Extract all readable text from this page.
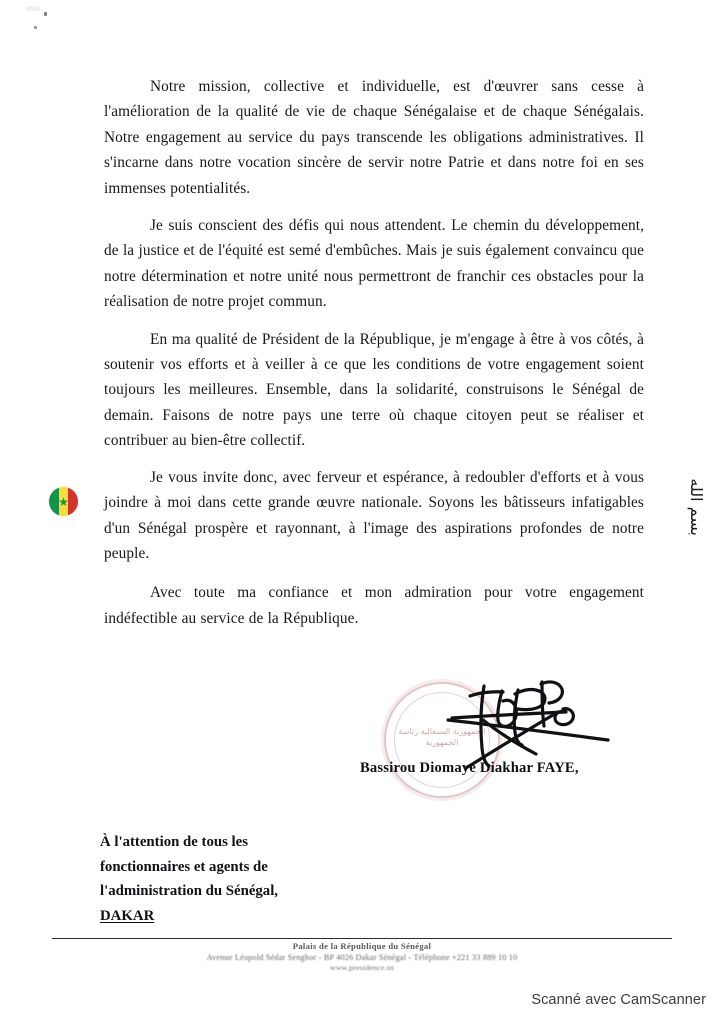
Notre mission, collective et individuelle, est d'œuvrer sans cesse à l'amélioration de la qualité de vie de chaque Sénégalaise et de chaque Sénégalais. Notre engagement au service du pays transcende les obligations administratives. Il s'incarne dans notre vocation sincère de servir notre Patrie et dans notre foi en ses immenses potentialités.

Je suis conscient des défis qui nous attendent. Le chemin du développement, de la justice et de l'équité est semé d'embûches. Mais je suis également convaincu que notre détermination et notre unité nous permettront de franchir ces obstacles pour la réalisation de notre projet commun.

En ma qualité de Président de la République, je m'engage à être à vos côtés, à soutenir vos efforts et à veiller à ce que les conditions de votre engagement soient toujours les meilleures. Ensemble, dans la solidarité, construisons le Sénégal de demain. Faisons de notre pays une terre où chaque citoyen peut se réaliser et contribuer au bien-être collectif.

Je vous invite donc, avec ferveur et espérance, à redoubler d'efforts et à vous joindre à moi dans cette grande œuvre nationale. Soyons les bâtisseurs infatigables d'un Sénégal prospère et rayonnant, à l'image des aspirations profondes de notre peuple.

Avec toute ma confiance et mon admiration pour votre engagement indéfectible au service de la République.

★	بسم الله
الجمهورية السنغالية رئاسة الجمهورية
Bassirou Diomaye Diakhar FAYE,
À l'attention de tous les
fonctionnaires et agents de
l'administration du Sénégal,
DAKAR
Palais de la République du Sénégal
Avenue Léopold Sédar Senghor - BP 4026 Dakar Sénégal - Téléphone +221 33 889 10 10
www.presidence.sn
Scanné avec CamScanner
